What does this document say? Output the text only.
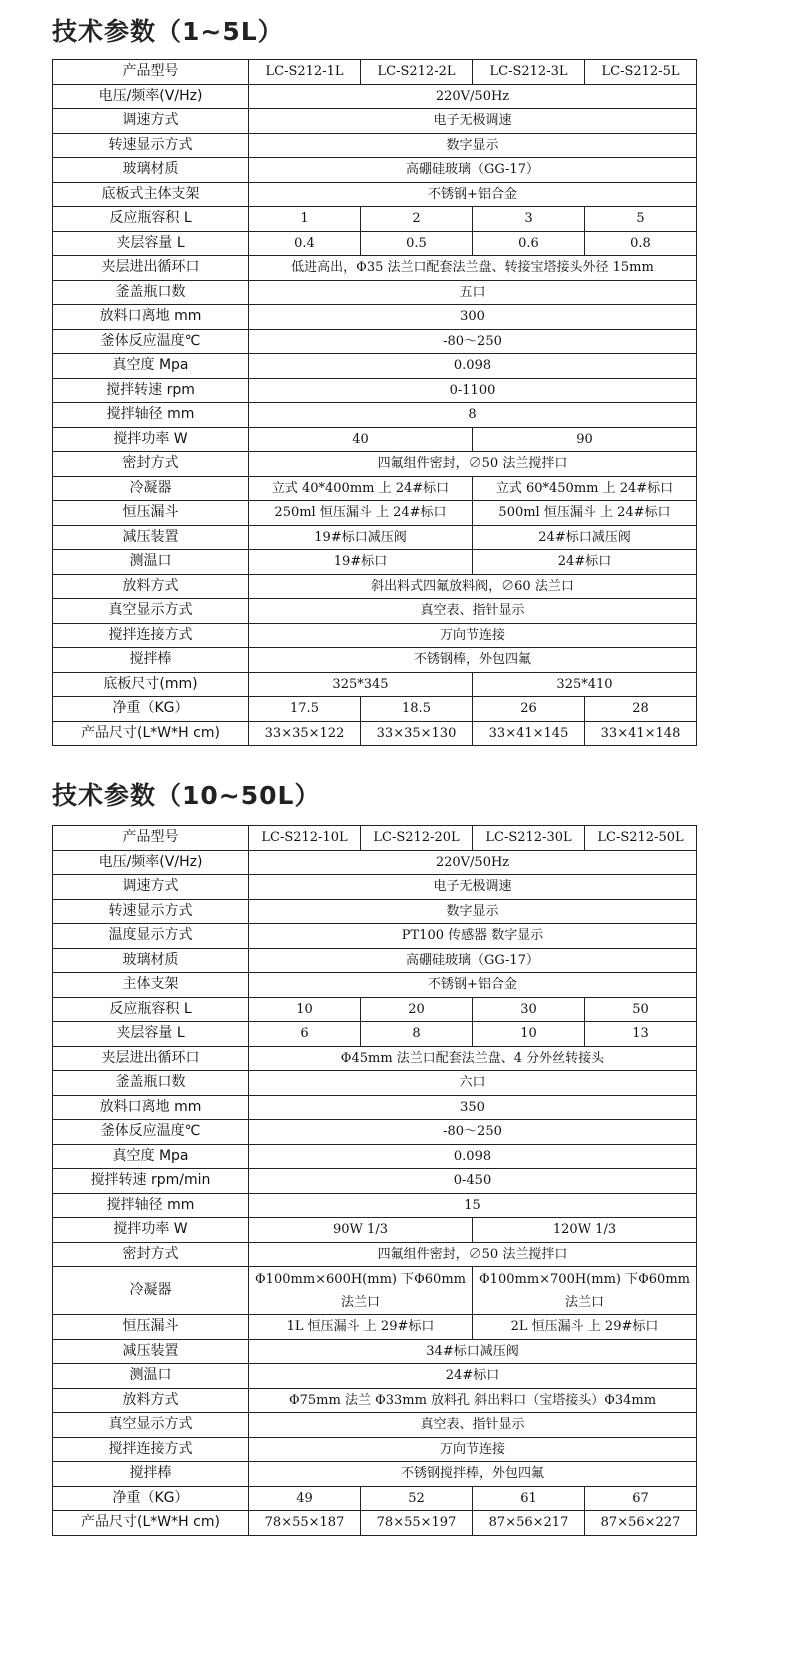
技术参数（1~5L）
产品型号	LC-S212-1L	LC-S212-2L	LC-S212-3L	LC-S212-5L
电压/频率(V/Hz)	220V/50Hz			
调速方式	电子无极调速			
转速显示方式	数字显示			
玻璃材质	高硼硅玻璃（GG-17）			
底板式主体支架	不锈钢+铝合金			
反应瓶容积 L	1	2	3	5
夹层容量 L	0.4	0.5	0.6	0.8
夹层进出循环口	低进高出，Φ35 法兰口配套法兰盘、转接宝塔接头外径 15mm			
釜盖瓶口数	五口			
放料口离地 mm	300			
釜体反应温度℃	-80～250			
真空度 Mpa	0.098			
搅拌转速 rpm	0-1100			
搅拌轴径 mm	8			
搅拌功率 W	40		90	
密封方式	四氟组件密封，∅50 法兰搅拌口			
冷凝器	立式 40*400mm 上 24#标口		立式 60*450mm 上 24#标口	
恒压漏斗	250ml 恒压漏斗 上 24#标口		500ml 恒压漏斗 上 24#标口	
减压装置	19#标口减压阀		24#标口减压阀	
测温口	19#标口		24#标口	
放料方式	斜出料式四氟放料阀，∅60 法兰口			
真空显示方式	真空表、指针显示			
搅拌连接方式	万向节连接			
搅拌棒	不锈钢棒，外包四氟			
底板尺寸(mm)	325*345		325*410	
净重（KG）	17.5	18.5	26	28
产品尺寸(L*W*H cm)	33×35×122	33×35×130	33×41×145	33×41×148
技术参数（10~50L）
产品型号	LC-S212-10L	LC-S212-20L	LC-S212-30L	LC-S212-50L
电压/频率(V/Hz)	220V/50Hz			
调速方式	电子无极调速			
转速显示方式	数字显示			
温度显示方式	PT100 传感器 数字显示			
玻璃材质	高硼硅玻璃（GG-17）			
主体支架	不锈钢+铝合金			
反应瓶容积 L	10	20	30	50
夹层容量 L	6	8	10	13
夹层进出循环口	Φ45mm 法兰口配套法兰盘、4 分外丝转接头			
釜盖瓶口数	六口			
放料口离地 mm	350			
釜体反应温度℃	-80～250			
真空度 Mpa	0.098			
搅拌转速 rpm/min	0-450			
搅拌轴径 mm	15			
搅拌功率 W	90W 1/3		120W 1/3	
密封方式	四氟组件密封，∅50 法兰搅拌口			
冷凝器	Φ100mm×600H(mm) 下Φ60mm 法兰口		Φ100mm×700H(mm) 下Φ60mm 法兰口	
恒压漏斗	1L 恒压漏斗 上 29#标口		2L 恒压漏斗 上 29#标口	
减压装置	34#标口减压阀			
测温口	24#标口			
放料方式	Φ75mm 法兰 Φ33mm 放料孔 斜出料口（宝塔接头）Φ34mm			
真空显示方式	真空表、指针显示			
搅拌连接方式	万向节连接			
搅拌棒	不锈钢搅拌棒，外包四氟			
净重（KG）	49	52	61	67
产品尺寸(L*W*H cm)	78×55×187	78×55×197	87×56×217	87×56×227
